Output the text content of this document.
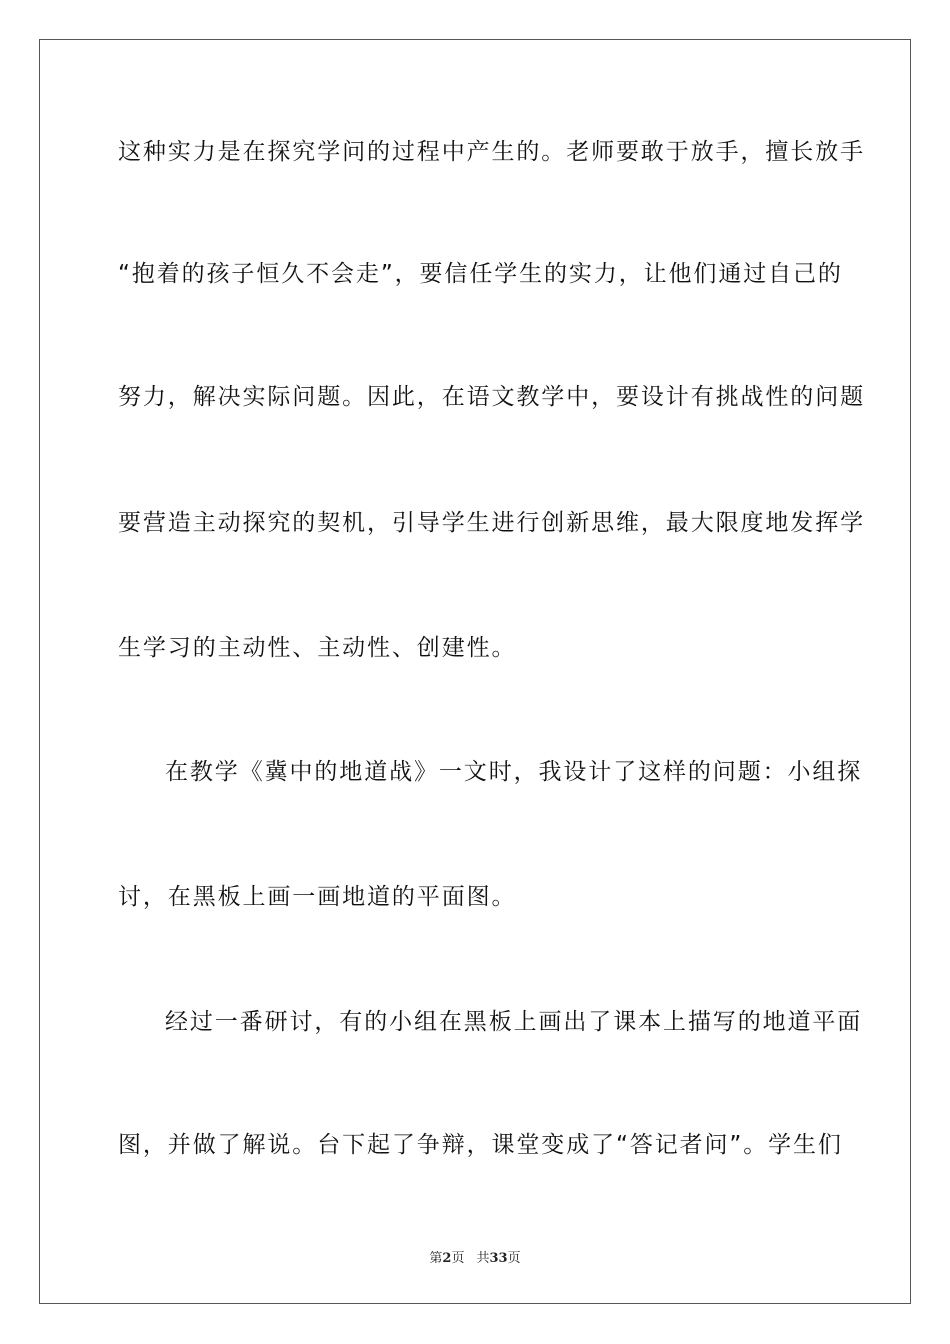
这种实力是在探究学问的过程中产生的。老师要敢于放手，擅长放手
“抱着的孩子恒久不会走”，要信任学生的实力，让他们通过自己的
努力，解决实际问题。因此，在语文教学中，要设计有挑战性的问题
要营造主动探究的契机，引导学生进行创新思维，最大限度地发挥学
生学习的主动性、主动性、创建性。
在教学《冀中的地道战》一文时，我设计了这样的问题：小组探
讨，在黑板上画一画地道的平面图。
经过一番研讨，有的小组在黑板上画出了课本上描写的地道平面
图，并做了解说。台下起了争辩，课堂变成了“答记者问”。学生们
第2页 共33页
